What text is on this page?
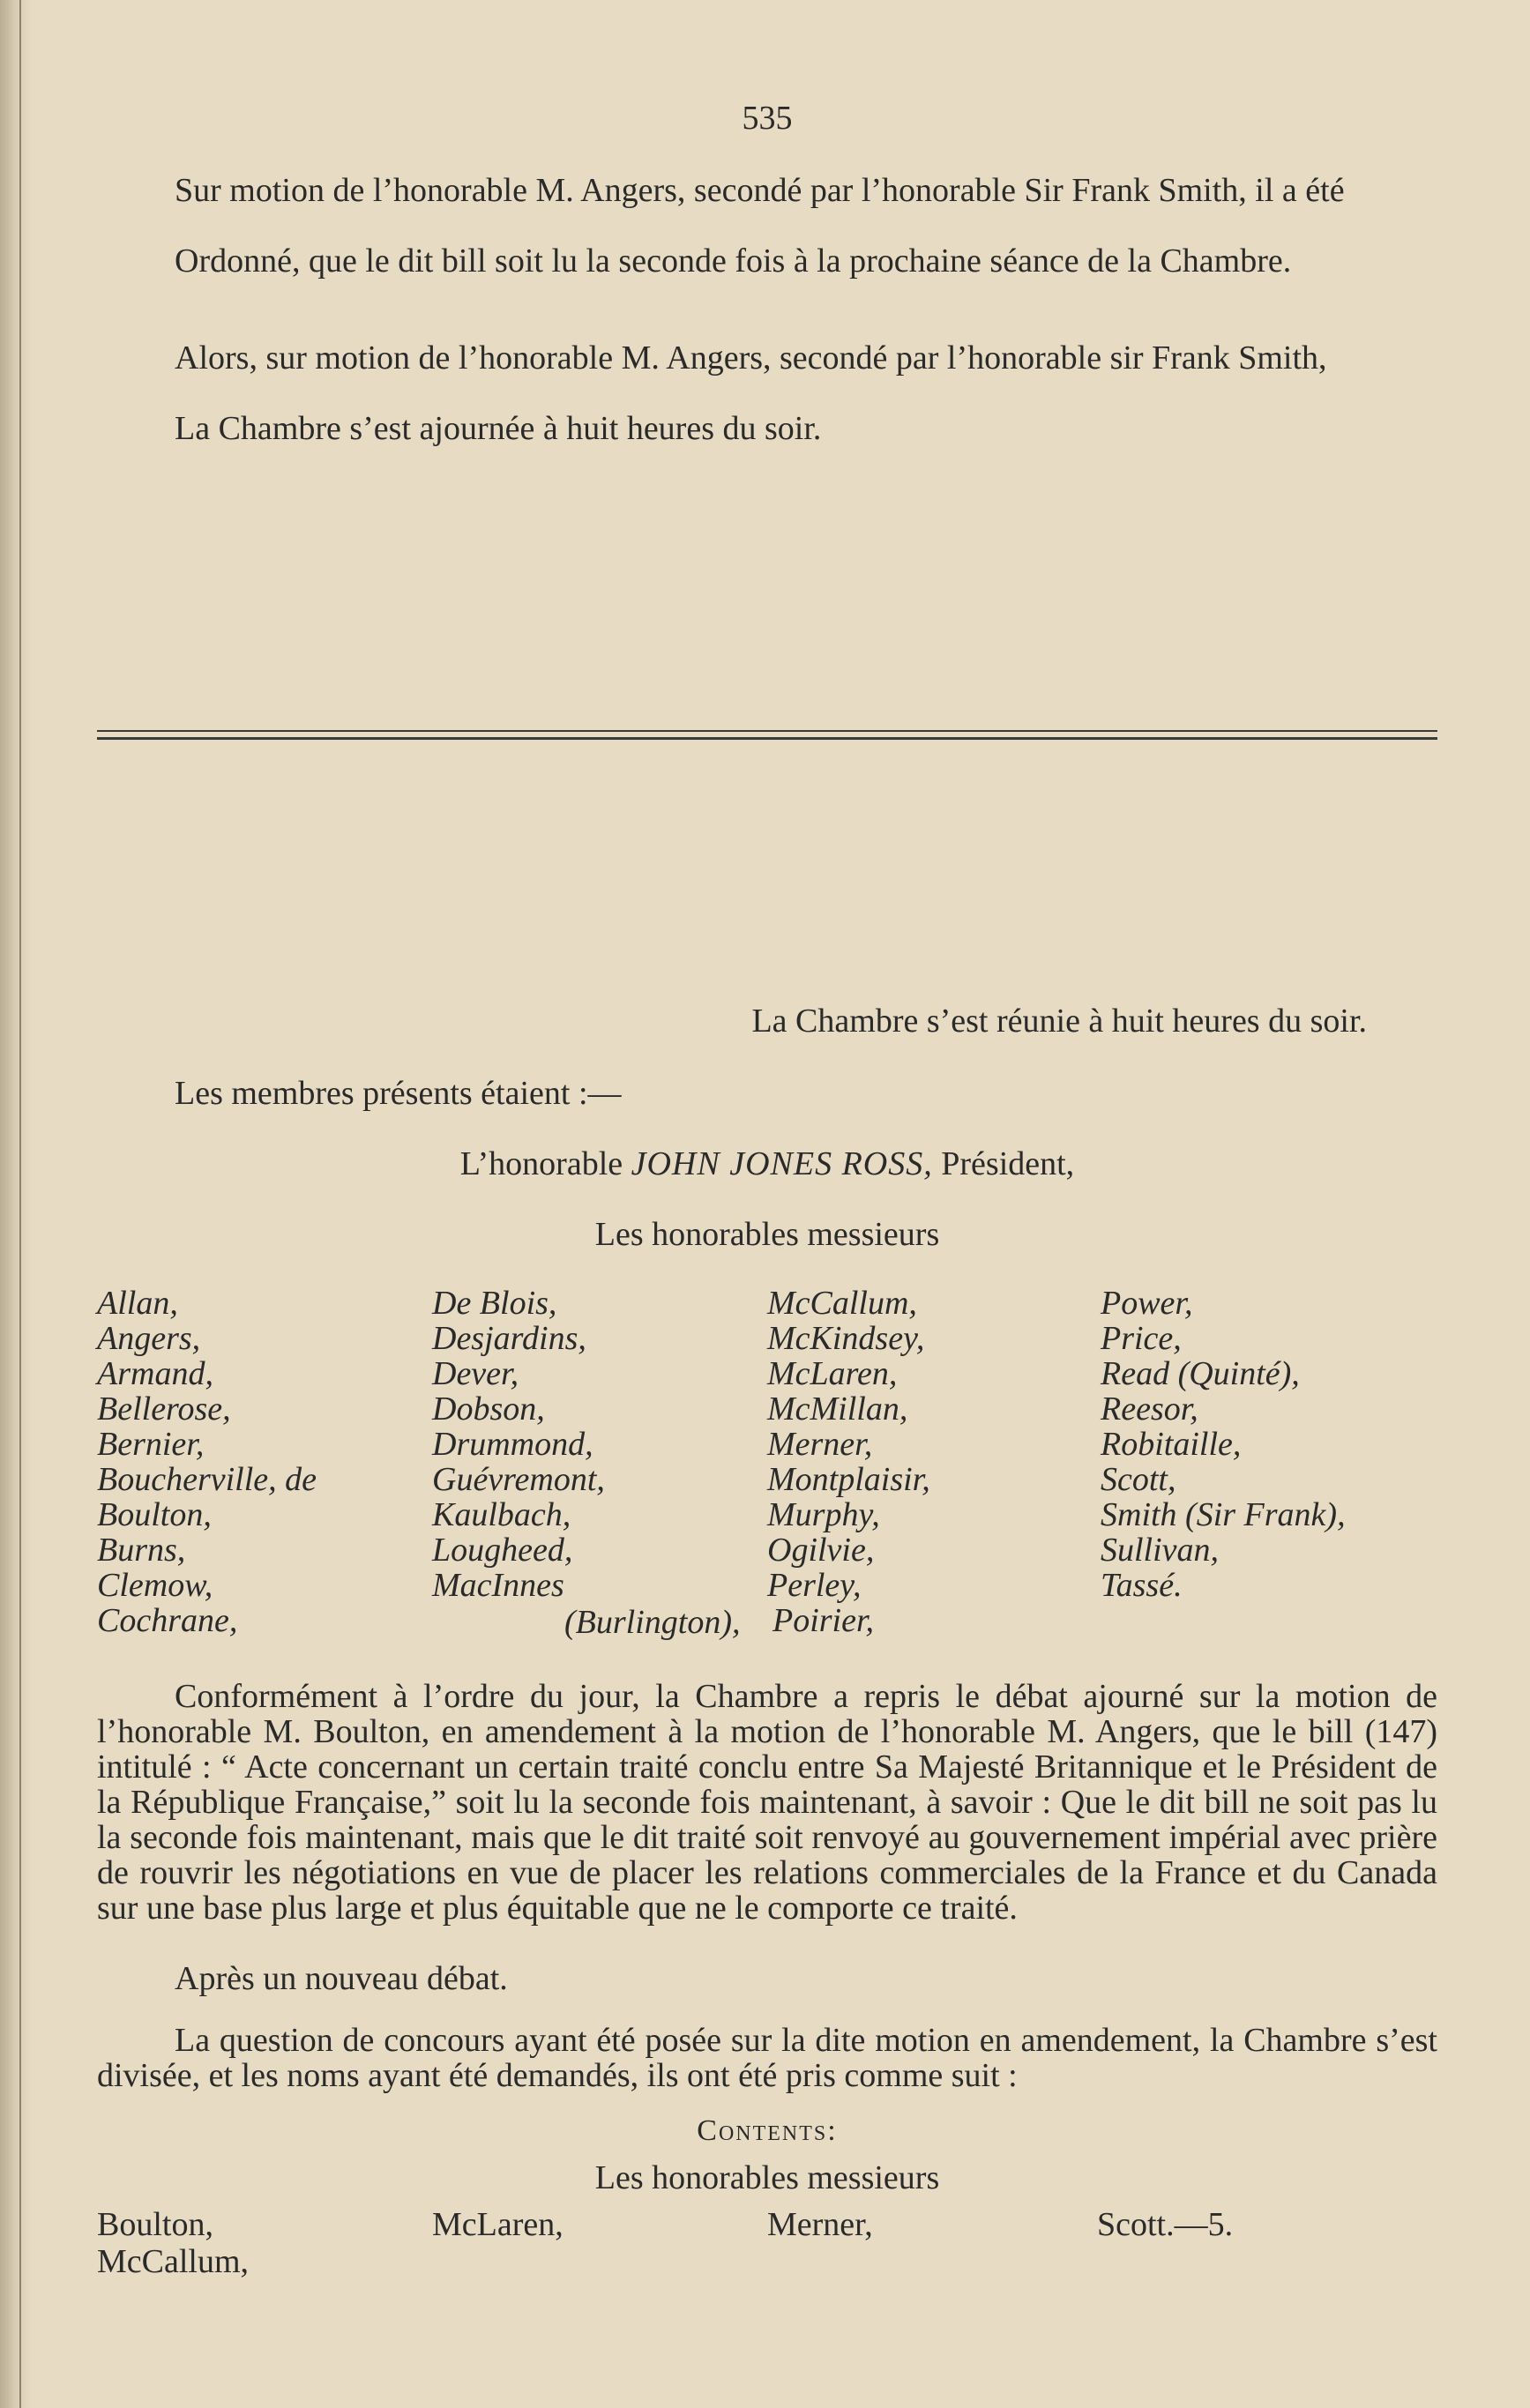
535

Sur motion de l’honorable M. Angers, secondé par l’honorable Sir Frank Smith, il a été

Ordonné, que le dit bill soit lu la seconde fois à la prochaine séance de la Chambre.

Alors, sur motion de l’honorable M. Angers, secondé par l’honorable sir Frank Smith,

La Chambre s’est ajournée à huit heures du soir.

La Chambre s’est réunie à huit heures du soir.
Les membres présents étaient :—
L’honorable JOHN JONES ROSS, Président,
Les honorables messieurs
Allan,
Angers,
Armand,
Bellerose,
Bernier,
Boucherville, de
Boulton,
Burns,
Clemow,
Cochrane,
De Blois,
Desjardins,
Dever,
Dobson,
Drummond,
Guévremont,
Kaulbach,
Lougheed,
MacInnes
(Burlington),
McCallum,
McKindsey,
McLaren,
McMillan,
Merner,
Montplaisir,
Murphy,
Ogilvie,
Perley,
Poirier,
Power,
Price,
Read (Quinté),
Reesor,
Robitaille,
Scott,
Smith (Sir Frank),
Sullivan,
Tassé.

Conformément à l’ordre du jour, la Chambre a repris le débat ajourné sur la motion de l’honorable M. Boulton, en amendement à la motion de l’honorable M. Angers, que le bill (147) intitulé : “ Acte concernant un certain traité conclu entre Sa Majesté Britannique et le Président de la République Française,” soit lu la seconde fois maintenant, à savoir : Que le dit bill ne soit pas lu la seconde fois maintenant, mais que le dit traité soit renvoyé au gouvernement impérial avec prière de rouvrir les négotiations en vue de placer les relations commerciales de la France et du Canada sur une base plus large et plus équitable que ne le comporte ce traité.

Après un nouveau débat.

La question de concours ayant été posée sur la dite motion en amendement, la Chambre s’est divisée, et les noms ayant été demandés, ils ont été pris comme suit :

Contents:
Les honorables messieurs
Boulton,
McCallum,
McLaren,	Merner,	Scott.—5.
